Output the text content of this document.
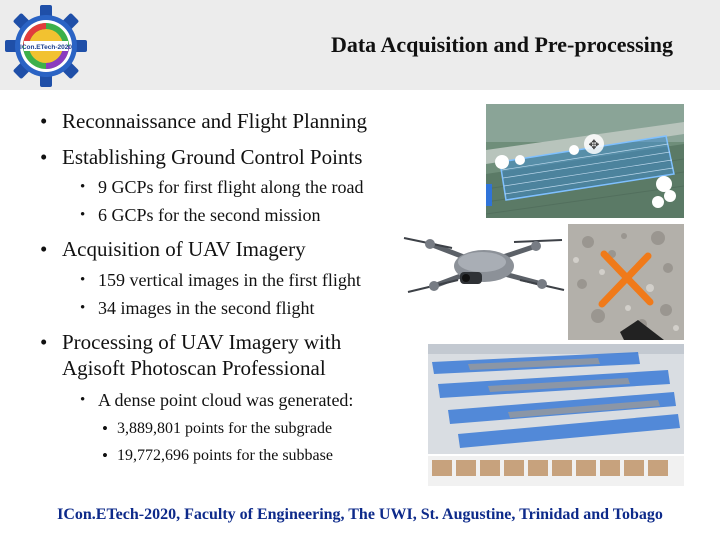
ICon.ETech-2020	Data Acquisition and Pre-processing

• Reconnaissance and Flight Planning

• Establishing Ground Control Points

• 9 GCPs for first flight along the road

• 6 GCPs for the second mission

• Acquisition of UAV Imagery

• 159 vertical images in the first flight

• 34 images in the second flight

• Processing of UAV Imagery with Agisoft Photoscan Professional

• A dense point cloud was generated:

• 3,889,801 points for the subgrade

• 19,772,696 points for the subbase

✥
ICon.ETech-2020, Faculty of Engineering, The UWI, St. Augustine, Trinidad and Tobago
